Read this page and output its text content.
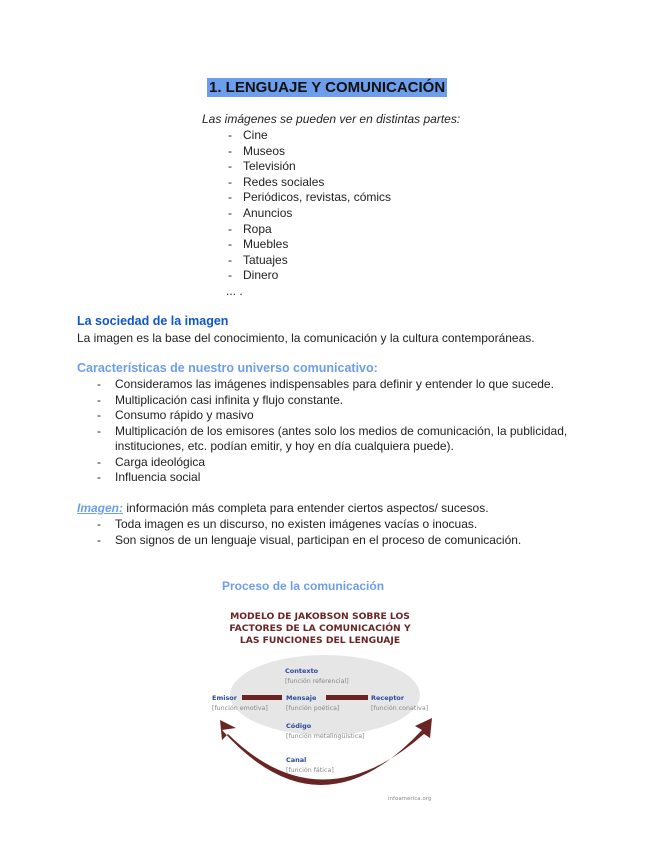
1. LENGUAJE Y COMUNICACIÓN
Las imágenes se pueden ver en distintas partes:
- Cine
- Museos
- Televisión
- Redes sociales
- Periódicos, revistas, cómics
- Anuncios
- Ropa
- Muebles
- Tatuajes
- Dinero
... .
La sociedad de la imagen
La imagen es la base del conocimiento, la comunicación y la cultura contemporáneas.
Características de nuestro universo comunicativo:
- Consideramos las imágenes indispensables para definir y entender lo que sucede.
- Multiplicación casi infinita y flujo constante.
- Consumo rápido y masivo
- Multiplicación de los emisores (antes solo los medios de comunicación, la publicidad,
instituciones, etc. podían emitir, y hoy en día cualquiera puede).
- Carga ideológica
- Influencia social
Imagen: información más completa para entender ciertos aspectos/ sucesos.
- Toda imagen es un discurso, no existen imágenes vacías o inocuas.
- Son signos de un lenguaje visual, participan en el proceso de comunicación.
Proceso de la comunicación
MODELO DE JAKOBSON SOBRE LOS
FACTORES DE LA COMUNICACIÓN Y
LAS FUNCIONES DEL LENGUAJE
Contexto
Emisor	Mensaje	Receptor
Código
Canal
[función referencial]
[función emotiva]	[función poética]	[función conativa]
[función metalingüística]
[función fática]
infoamerica.org
